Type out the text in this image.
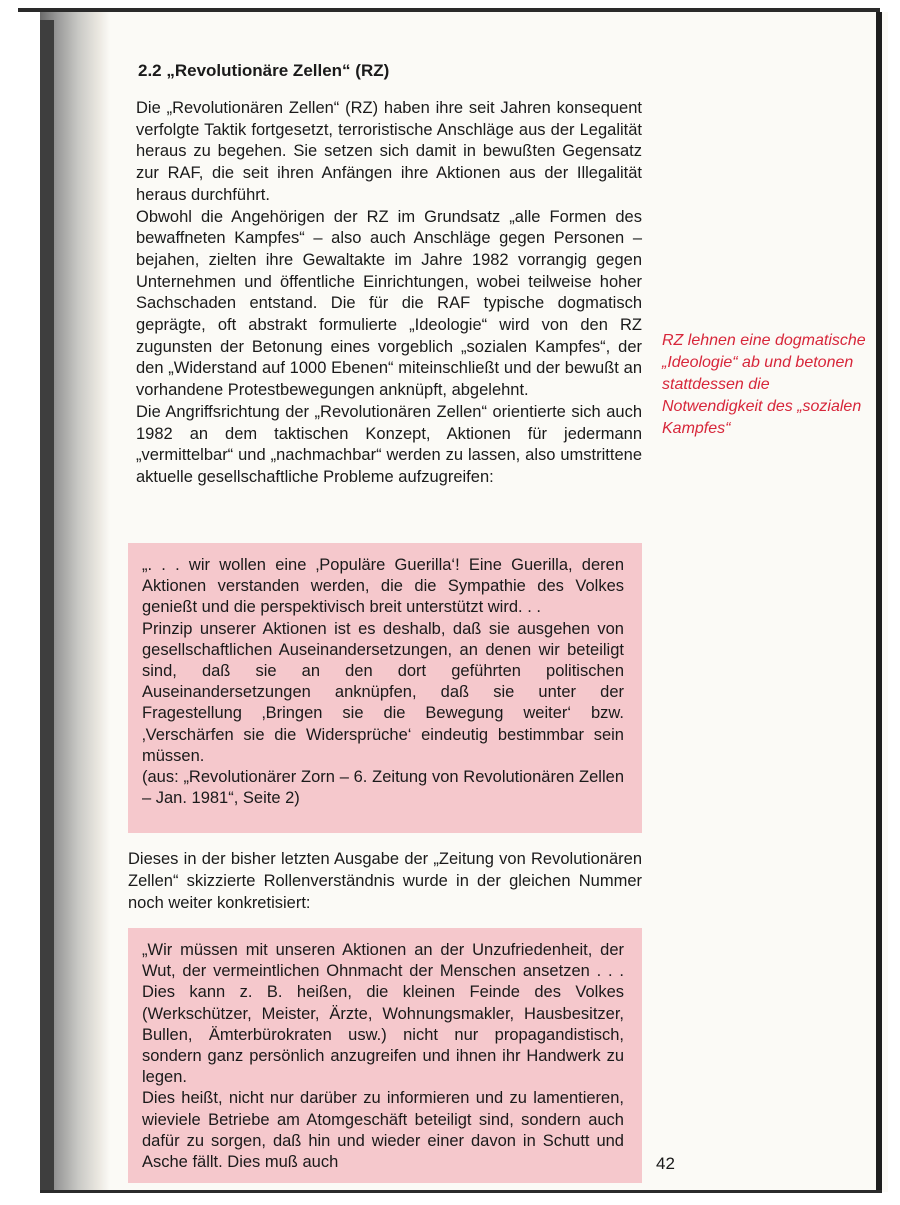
2.2 „Revolutionäre Zellen“ (RZ)

Die „Revolutionären Zellen“ (RZ) haben ihre seit Jahren konsequent verfolgte Taktik fortgesetzt, terroristische Anschläge aus der Legalität heraus zu begehen. Sie setzen sich damit in bewußten Gegensatz zur RAF, die seit ihren Anfängen ihre Aktionen aus der Illegalität heraus durchführt.

Obwohl die Angehörigen der RZ im Grundsatz „alle Formen des bewaffneten Kampfes“ – also auch Anschläge gegen Personen – bejahen, zielten ihre Gewaltakte im Jahre 1982 vorrangig gegen Unternehmen und öffentliche Einrichtungen, wobei teilweise hoher Sachschaden entstand. Die für die RAF typische dogmatisch geprägte, oft abstrakt formulierte „Ideologie“ wird von den RZ zugunsten der Betonung eines vorgeblich „sozialen Kampfes“, der den „Widerstand auf 1000 Ebenen“ miteinschließt und der bewußt an vorhandene Protestbewegungen anknüpft, abgelehnt.

Die Angriffsrichtung der „Revolutionären Zellen“ orientierte sich auch 1982 an dem taktischen Konzept, Aktionen für jedermann „vermittelbar“ und „nachmachbar“ werden zu lassen, also umstrittene aktuelle gesellschaftliche Probleme aufzugreifen:

RZ lehnen eine dogmatische „Ideologie“ ab und betonen stattdessen die Notwendigkeit des „sozialen Kampfes“

„. . . wir wollen eine ‚Populäre Guerilla‘! Eine Guerilla, deren Aktionen verstanden werden, die die Sympathie des Volkes genießt und die perspektivisch breit unterstützt wird. . .

Prinzip unserer Aktionen ist es deshalb, daß sie ausgehen von gesellschaftlichen Auseinandersetzungen, an denen wir beteiligt sind, daß sie an den dort geführten politischen Auseinandersetzungen anknüpfen, daß sie unter der Fragestellung ‚Bringen sie die Bewegung weiter‘ bzw. ‚Verschärfen sie die Widersprüche‘ eindeutig bestimmbar sein müssen.

(aus: „Revolutionärer Zorn – 6. Zeitung von Revolutionären Zellen – Jan. 1981“, Seite 2)

Dieses in der bisher letzten Ausgabe der „Zeitung von Revolutionären Zellen“ skizzierte Rollenverständnis wurde in der gleichen Nummer noch weiter konkretisiert:

„Wir müssen mit unseren Aktionen an der Unzufriedenheit, der Wut, der vermeintlichen Ohnmacht der Menschen ansetzen . . . Dies kann z. B. heißen, die kleinen Feinde des Volkes (Werkschützer, Meister, Ärzte, Wohnungsmakler, Hausbesitzer, Bullen, Ämterbürokraten usw.) nicht nur propagandistisch, sondern ganz persönlich anzugreifen und ihnen ihr Handwerk zu legen.

Dies heißt, nicht nur darüber zu informieren und zu lamentieren, wieviele Betriebe am Atomgeschäft beteiligt sind, sondern auch dafür zu sorgen, daß hin und wieder einer davon in Schutt und Asche fällt. Dies muß auch	42
